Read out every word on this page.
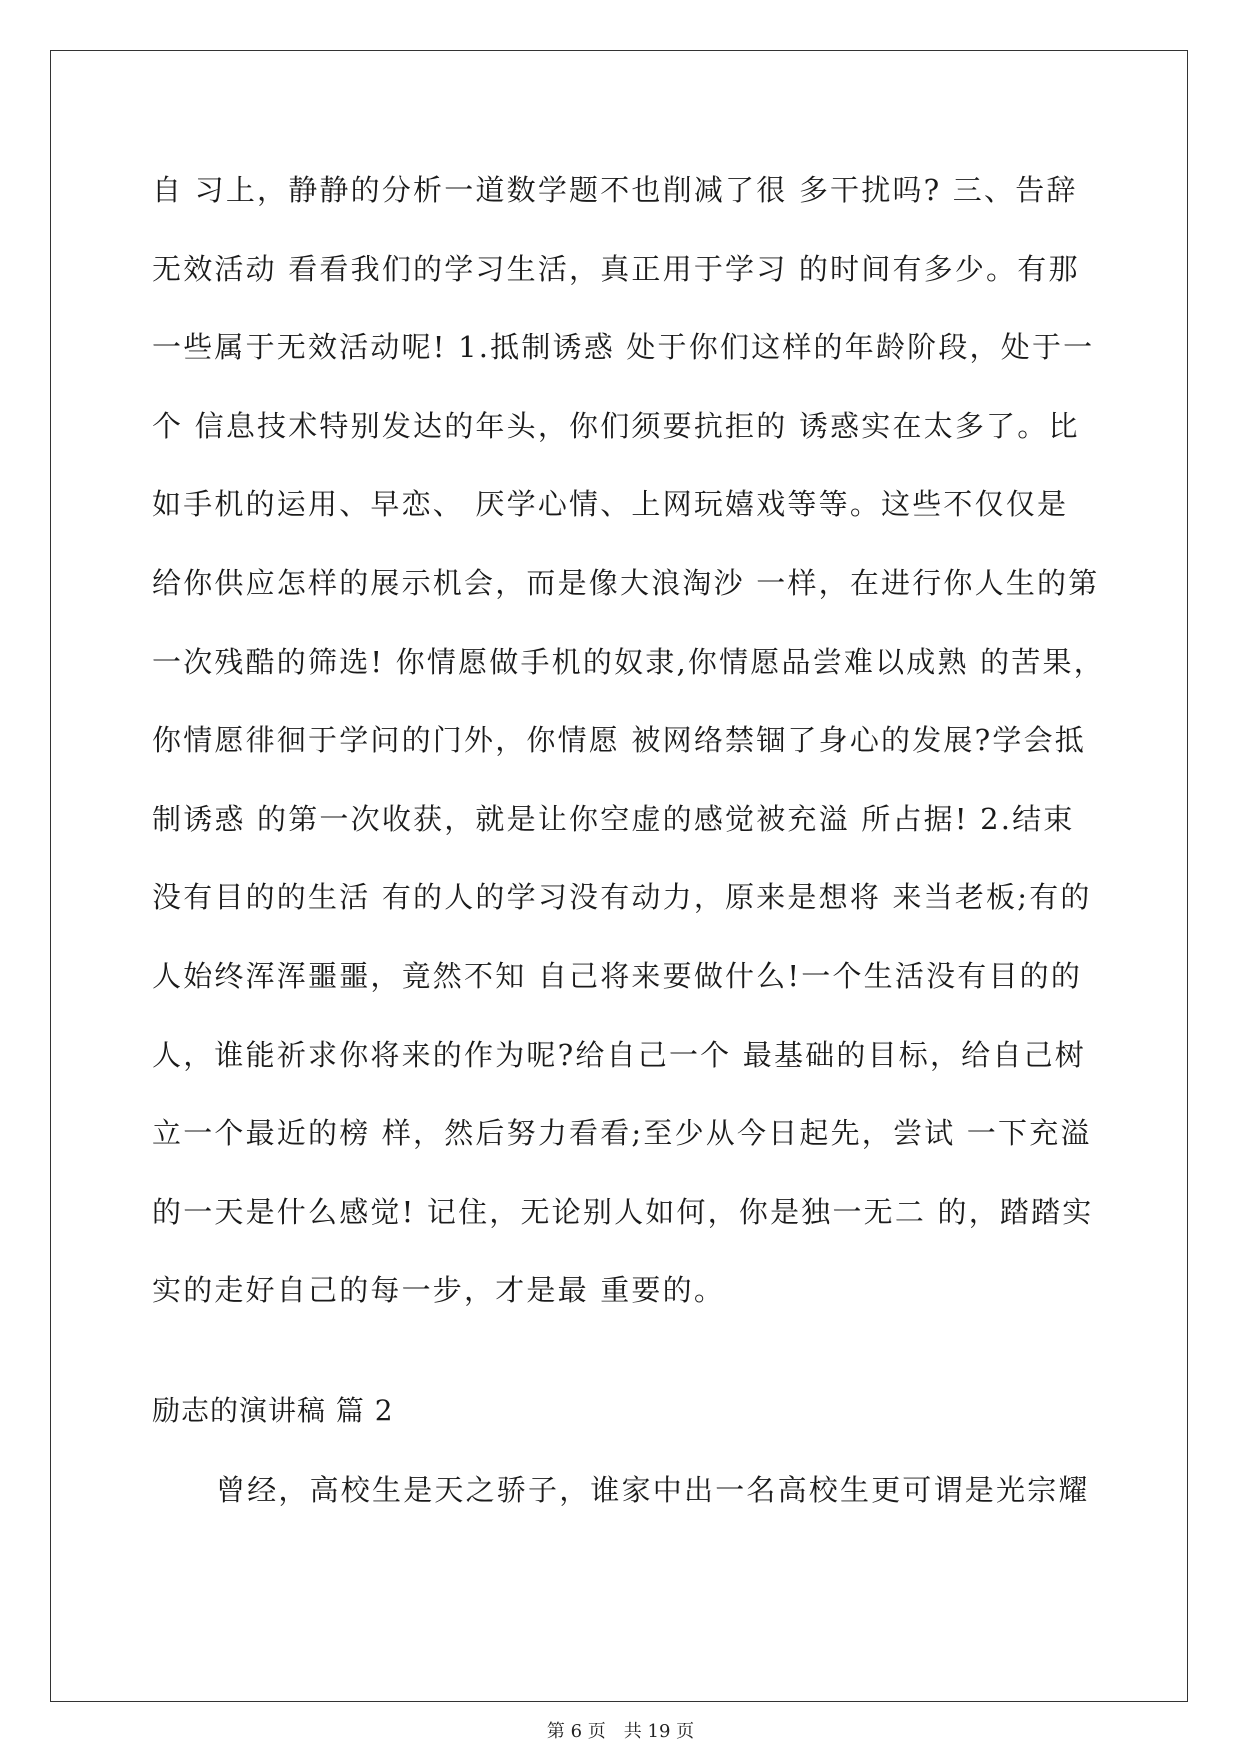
自 习上，静静的分析一道数学题不也削减了很 多干扰吗? 三、告辞
无效活动 看看我们的学习生活，真正用于学习 的时间有多少。有那
一些属于无效活动呢! 1.抵制诱惑 处于你们这样的年龄阶段，处于一
个 信息技术特别发达的年头，你们须要抗拒的 诱惑实在太多了。比
如手机的运用、早恋、 厌学心情、上网玩嬉戏等等。这些不仅仅是
给你供应怎样的展示机会，而是像大浪淘沙 一样，在进行你人生的第
一次残酷的筛选! 你情愿做手机的奴隶,你情愿品尝难以成熟 的苦果，
你情愿徘徊于学问的门外，你情愿 被网络禁锢了身心的发展?学会抵
制诱惑 的第一次收获，就是让你空虚的感觉被充溢 所占据! 2.结束
没有目的的生活 有的人的学习没有动力，原来是想将 来当老板;有的
人始终浑浑噩噩，竟然不知 自己将来要做什么!一个生活没有目的的
人，谁能祈求你将来的作为呢?给自己一个 最基础的目标，给自己树
立一个最近的榜 样，然后努力看看;至少从今日起先，尝试 一下充溢
的一天是什么感觉! 记住，无论别人如何，你是独一无二 的，踏踏实
实的走好自己的每一步，才是最 重要的。
励志的演讲稿 篇 2

曾经，高校生是天之骄子，谁家中出一名高校生更可谓是光宗耀

第 6 页　共 19 页
